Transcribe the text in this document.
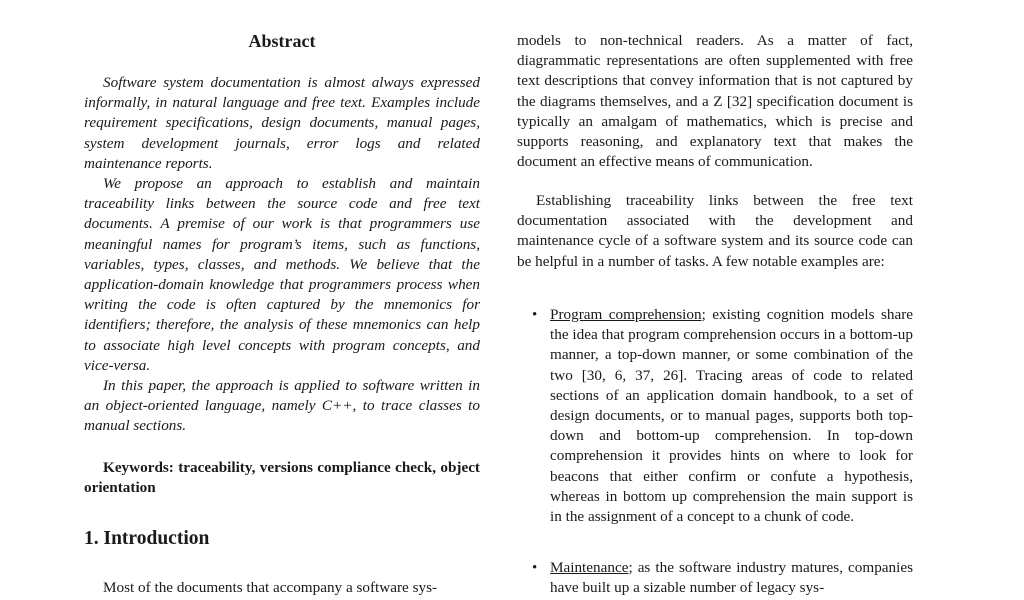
Abstract

Software system documentation is almost always expressed informally, in natural language and free text. Examples include requirement specifications, design documents, manual pages, system development journals, error logs and related maintenance reports.

We propose an approach to establish and maintain traceability links between the source code and free text documents. A premise of our work is that programmers use meaningful names for program’s items, such as functions, variables, types, classes, and methods. We believe that the application-domain knowledge that programmers process when writing the code is often captured by the mnemonics for identifiers; therefore, the analysis of these mnemonics can help to associate high level concepts with program concepts, and vice-versa.

In this paper, the approach is applied to software written in an object-oriented language, namely C++, to trace classes to manual sections.

Keywords: traceability, versions compliance check, object orientation

1. Introduction

Most of the documents that accompany a software sys-

models to non-technical readers. As a matter of fact, diagrammatic representations are often supplemented with free text descriptions that convey information that is not captured by the diagrams themselves, and a Z [32] specification document is typically an amalgam of mathematics, which is precise and supports reasoning, and explanatory text that makes the document an effective means of communication.

Establishing traceability links between the free text documentation associated with the development and maintenance cycle of a software system and its source code can be helpful in a number of tasks. A few notable examples are:

• Program comprehension; existing cognition models share the idea that program comprehension occurs in a bottom-up manner, a top-down manner, or some combination of the two [30, 6, 37, 26]. Tracing areas of code to related sections of an application domain handbook, to a set of design documents, or to manual pages, supports both top-down and bottom-up comprehension. In top-down comprehension it provides hints on where to look for beacons that either confirm or confute a hypothesis, whereas in bottom up comprehension the main support is in the assignment of a concept to a chunk of code.

• Maintenance; as the software industry matures, companies have built up a sizable number of legacy sys-
